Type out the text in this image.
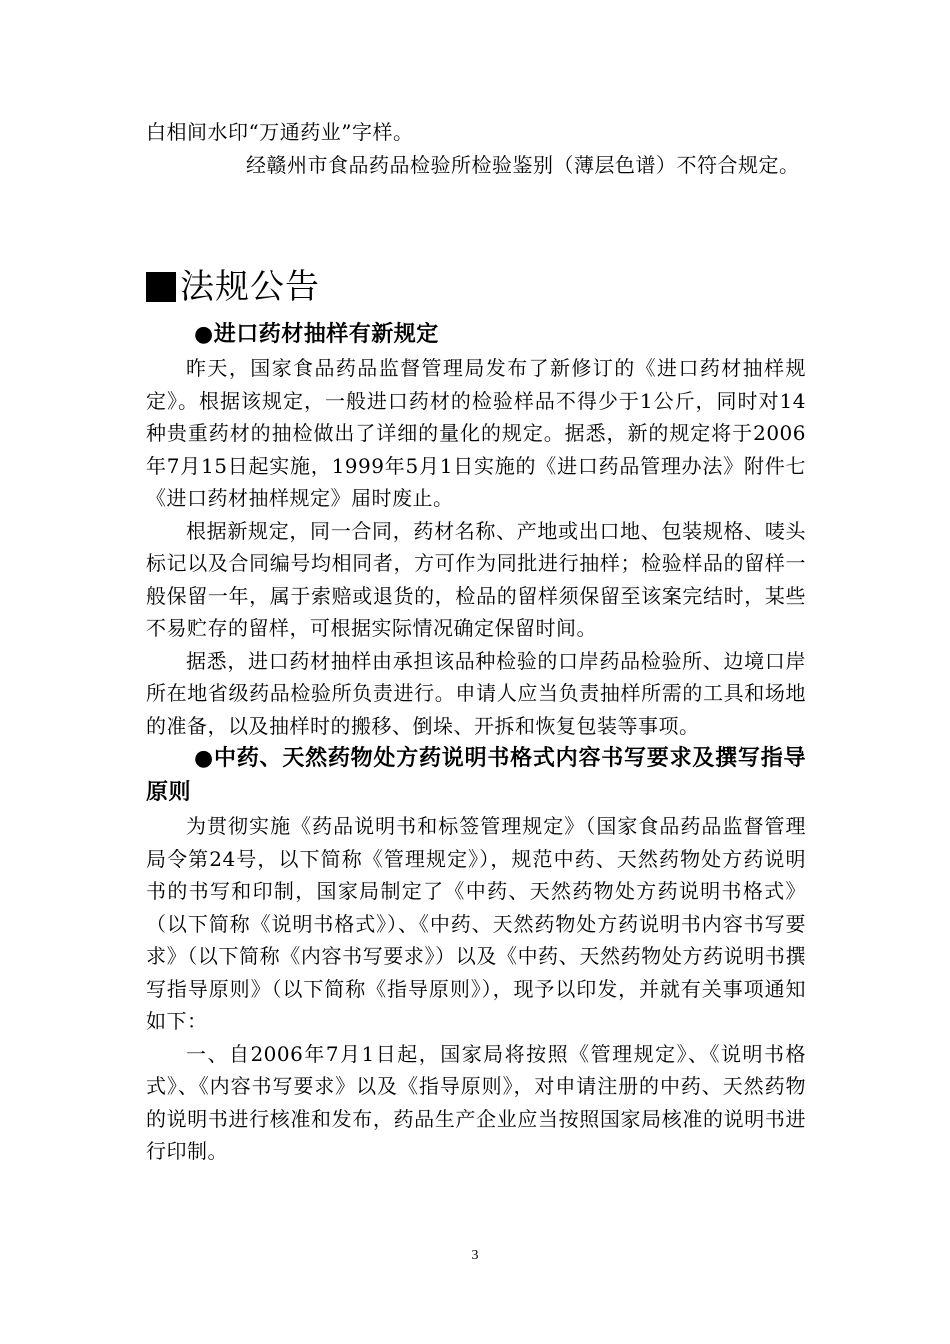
白相间水印“万通药业”字样。

经赣州市食品药品检验所检验鉴别（薄层色谱）不符合规定。

法规公告
●进口药材抽样有新规定

昨天，国家食品药品监督管理局发布了新修订的《进口药材抽样规定》。根据该规定，一般进口药材的检验样品不得少于1公斤，同时对14种贵重药材的抽检做出了详细的量化的规定。据悉，新的规定将于2006年7月15日起实施，1999年5月1日实施的《进口药品管理办法》附件七《进口药材抽样规定》届时废止。

根据新规定，同一合同，药材名称、产地或出口地、包装规格、唛头标记以及合同编号均相同者，方可作为同批进行抽样；检验样品的留样一般保留一年，属于索赔或退货的，检品的留样须保留至该案完结时，某些不易贮存的留样，可根据实际情况确定保留时间。

据悉，进口药材抽样由承担该品种检验的口岸药品检验所、边境口岸所在地省级药品检验所负责进行。申请人应当负责抽样所需的工具和场地的准备，以及抽样时的搬移、倒垛、开拆和恢复包装等事项。

●中药、天然药物处方药说明书格式内容书写要求及撰写指导原则

为贯彻实施《药品说明书和标签管理规定》（国家食品药品监督管理局令第24号，以下简称《管理规定》），规范中药、天然药物处方药说明书的书写和印制，国家局制定了《中药、天然药物处方药说明书格式》（以下简称《说明书格式》）、《中药、天然药物处方药说明书内容书写要求》（以下简称《内容书写要求》）以及《中药、天然药物处方药说明书撰写指导原则》（以下简称《指导原则》），现予以印发，并就有关事项通知如下：

一、自2006年7月1日起，国家局将按照《管理规定》、《说明书格式》、《内容书写要求》以及《指导原则》，对申请注册的中药、天然药物的说明书进行核准和发布，药品生产企业应当按照国家局核准的说明书进行印制。

3
